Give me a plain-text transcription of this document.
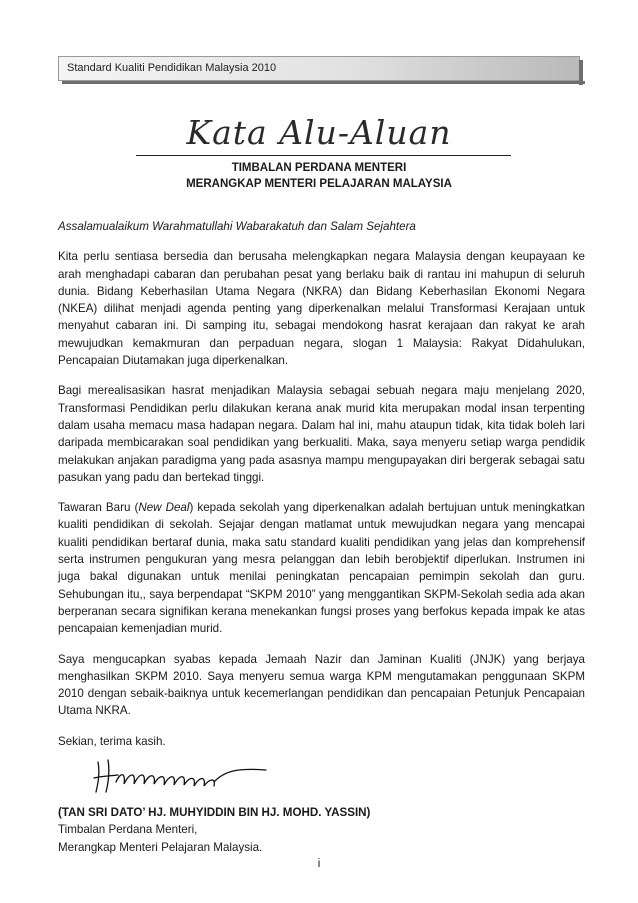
Standard Kualiti Pendidikan Malaysia 2010
Kata Alu-Aluan
TIMBALAN PERDANA MENTERI
MERANGKAP MENTERI PELAJARAN MALAYSIA

Assalamualaikum Warahmatullahi Wabarakatuh dan Salam Sejahtera

Kita perlu sentiasa bersedia dan berusaha melengkapkan negara Malaysia dengan keupayaan ke arah menghadapi cabaran dan perubahan pesat yang berlaku baik di rantau ini mahupun di seluruh dunia. Bidang Keberhasilan Utama Negara (NKRA) dan Bidang Keberhasilan Ekonomi Negara (NKEA) dilihat menjadi agenda penting yang diperkenalkan melalui Transformasi Kerajaan untuk menyahut cabaran ini. Di samping itu, sebagai mendokong hasrat kerajaan dan rakyat ke arah mewujudkan kemakmuran dan perpaduan negara, slogan 1 Malaysia: Rakyat Didahulukan, Pencapaian Diutamakan juga diperkenalkan.

Bagi merealisasikan hasrat menjadikan Malaysia sebagai sebuah negara maju menjelang 2020, Transformasi Pendidikan perlu dilakukan kerana anak murid kita merupakan modal insan terpenting dalam usaha memacu masa hadapan negara. Dalam hal ini, mahu ataupun tidak, kita tidak boleh lari daripada membicarakan soal pendidikan yang berkualiti. Maka, saya menyeru setiap warga pendidik melakukan anjakan paradigma yang pada asasnya mampu mengupayakan diri bergerak sebagai satu pasukan yang padu dan bertekad tinggi.

Tawaran Baru (New Deal) kepada sekolah yang diperkenalkan adalah bertujuan untuk meningkatkan kualiti pendidikan di sekolah. Sejajar dengan matlamat untuk mewujudkan negara yang mencapai kualiti pendidikan bertaraf dunia, maka satu standard kualiti pendidikan yang jelas dan komprehensif serta instrumen pengukuran yang mesra pelanggan dan lebih berobjektif diperlukan. Instrumen ini juga bakal digunakan untuk menilai peningkatan pencapaian pemimpin sekolah dan guru. Sehubungan itu,, saya berpendapat “SKPM 2010” yang menggantikan SKPM-Sekolah sedia ada akan berperanan secara signifikan kerana menekankan fungsi proses yang berfokus kepada impak ke atas pencapaian kemenjadian murid.

Saya mengucapkan syabas kepada Jemaah Nazir dan Jaminan Kualiti (JNJK) yang berjaya menghasilkan SKPM 2010. Saya menyeru semua warga KPM mengutamakan penggunaan SKPM 2010 dengan sebaik-baiknya untuk kecemerlangan pendidikan dan pencapaian Petunjuk Pencapaian Utama NKRA.

Sekian, terima kasih.

(TAN SRI DATO’ HJ. MUHYIDDIN BIN HJ. MOHD. YASSIN)
Timbalan Perdana Menteri,
Merangkap Menteri Pelajaran Malaysia.
i
